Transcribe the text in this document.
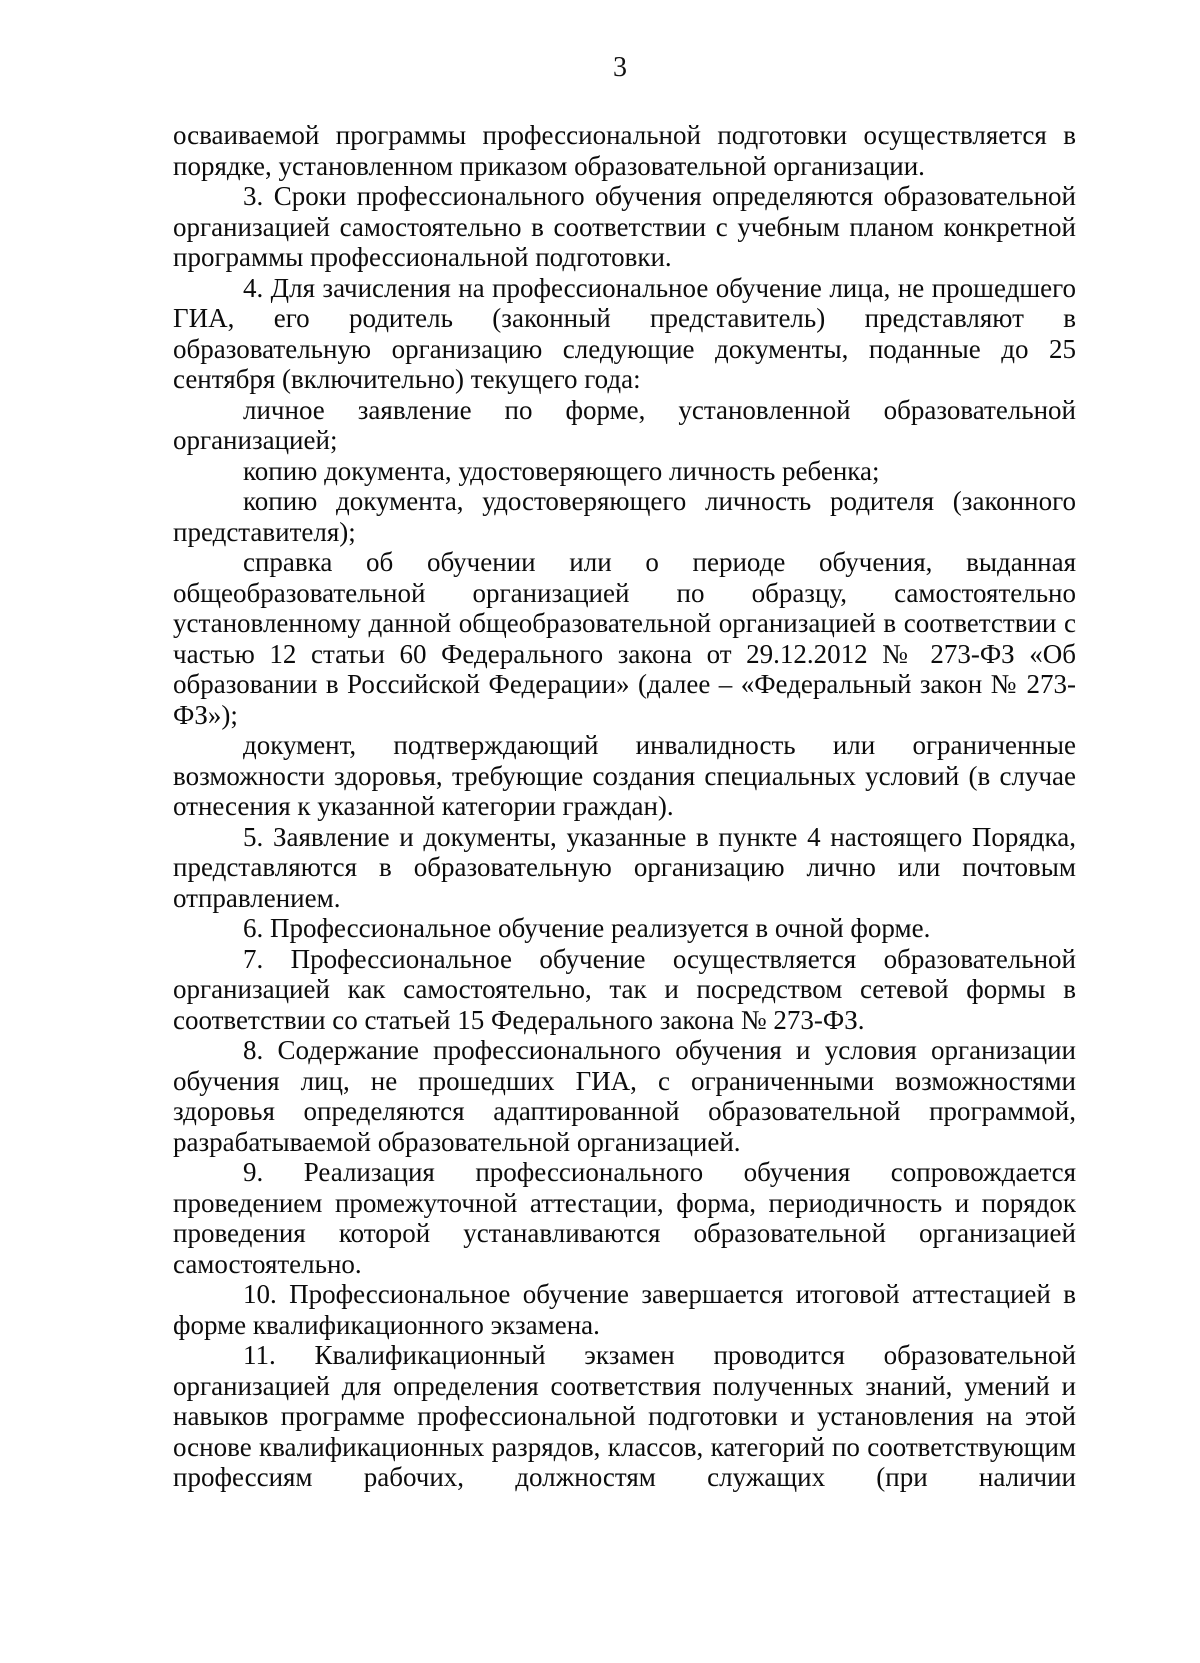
3

осваиваемой программы профессиональной подготовки осуществляется в порядке, установленном приказом образовательной организации.

3. Сроки профессионального обучения определяются образовательной организацией самостоятельно в соответствии с учебным планом конкретной программы профессиональной подготовки.

4. Для зачисления на профессиональное обучение лица, не прошедшего ГИА, его родитель (законный представитель) представляют в образовательную организацию следующие документы, поданные до 25 сентября (включительно) текущего года:

личное заявление по форме, установленной образовательной организацией;

копию документа, удостоверяющего личность ребенка;

копию документа, удостоверяющего личность родителя (законного представителя);

справка об обучении или о периоде обучения, выданная общеобразовательной организацией по образцу, самостоятельно установленному данной общеобразовательной организацией в соответствии с частью 12 статьи 60 Федерального закона от 29.12.2012 № 273-ФЗ «Об образовании в Российской Федерации» (далее – «Федеральный закон № 273-ФЗ»);

документ, подтверждающий инвалидность или ограниченные возможности здоровья, требующие создания специальных условий (в случае отнесения к указанной категории граждан).

5. Заявление и документы, указанные в пункте 4 настоящего Порядка, представляются в образовательную организацию лично или почтовым отправлением.

6. Профессиональное обучение реализуется в очной форме.

7. Профессиональное обучение осуществляется образовательной организацией как самостоятельно, так и посредством сетевой формы в соответствии со статьей 15 Федерального закона № 273-ФЗ.

8. Содержание профессионального обучения и условия организации обучения лиц, не прошедших ГИА, с ограниченными возможностями здоровья определяются адаптированной образовательной программой, разрабатываемой образовательной организацией.

9. Реализация профессионального обучения сопровождается проведением промежуточной аттестации, форма, периодичность и порядок проведения которой устанавливаются образовательной организацией самостоятельно.

10. Профессиональное обучение завершается итоговой аттестацией в форме квалификационного экзамена.

11. Квалификационный экзамен проводится образовательной организацией для определения соответствия полученных знаний, умений и навыков программе профессиональной подготовки и установления на этой основе квалификационных разрядов, классов, категорий по соответствующим профессиям рабочих, должностям служащих (при наличии
